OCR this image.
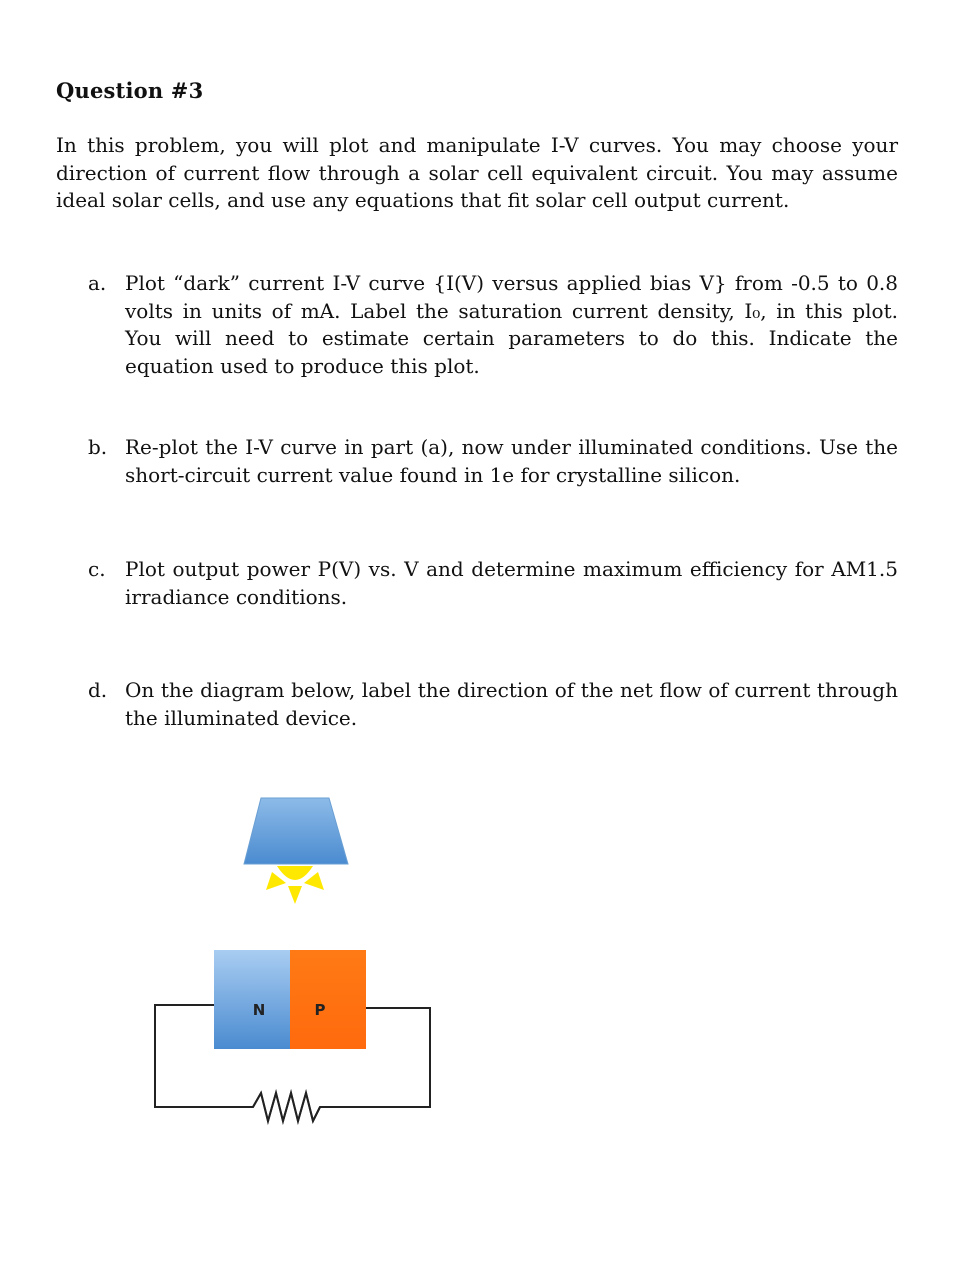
Question #3

In this problem, you will plot and manipulate I-V curves. You may choose your direction of current flow through a solar cell equivalent circuit. You may assume ideal solar cells, and use any equations that fit solar cell output current.

a. Plot “dark” current I-V curve {I(V) versus applied bias V} from -0.5 to 0.8 volts in units of mA. Label the saturation current density, I₀, in this plot. You will need to estimate certain parameters to do this. Indicate the equation used to produce this plot.
b. Re-plot the I-V curve in part (a), now under illuminated conditions. Use the short-circuit current value found in 1e for crystalline silicon.
c. Plot output power P(V) vs. V and determine maximum efficiency for AM1.5 irradiance conditions.
d. On the diagram below, label the direction of the net flow of current through the illuminated device.
N	P
